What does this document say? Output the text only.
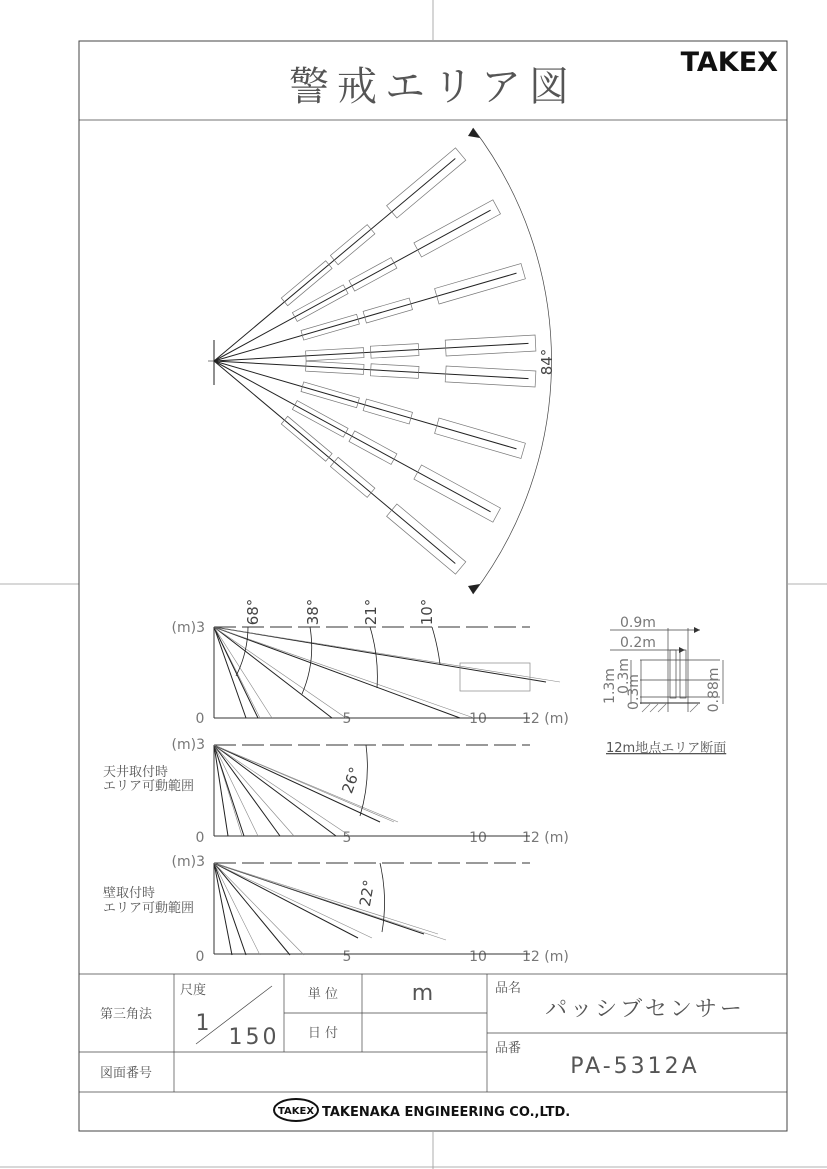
警戒エリア図
TAKEX
84°
(m)3
0	5	10	12 (m)
68°	38°	21°	10°
(m)3
0	5	10	12 (m)
天井取付時
エリア可動範囲	26°
(m)3
0	5	10	12 (m)
壁取付時
エリア可動範囲
22°
0.9m
0.2m
1.3m
0.3m
0.3m	0.88m
12m地点エリア断面
第三角法
尺度
1
150
単 位	m
日 付
品名
パッシブセンサー
品番
PA-5312A
図面番号
TAKEX TAKENAKA ENGINEERING CO.,LTD.
